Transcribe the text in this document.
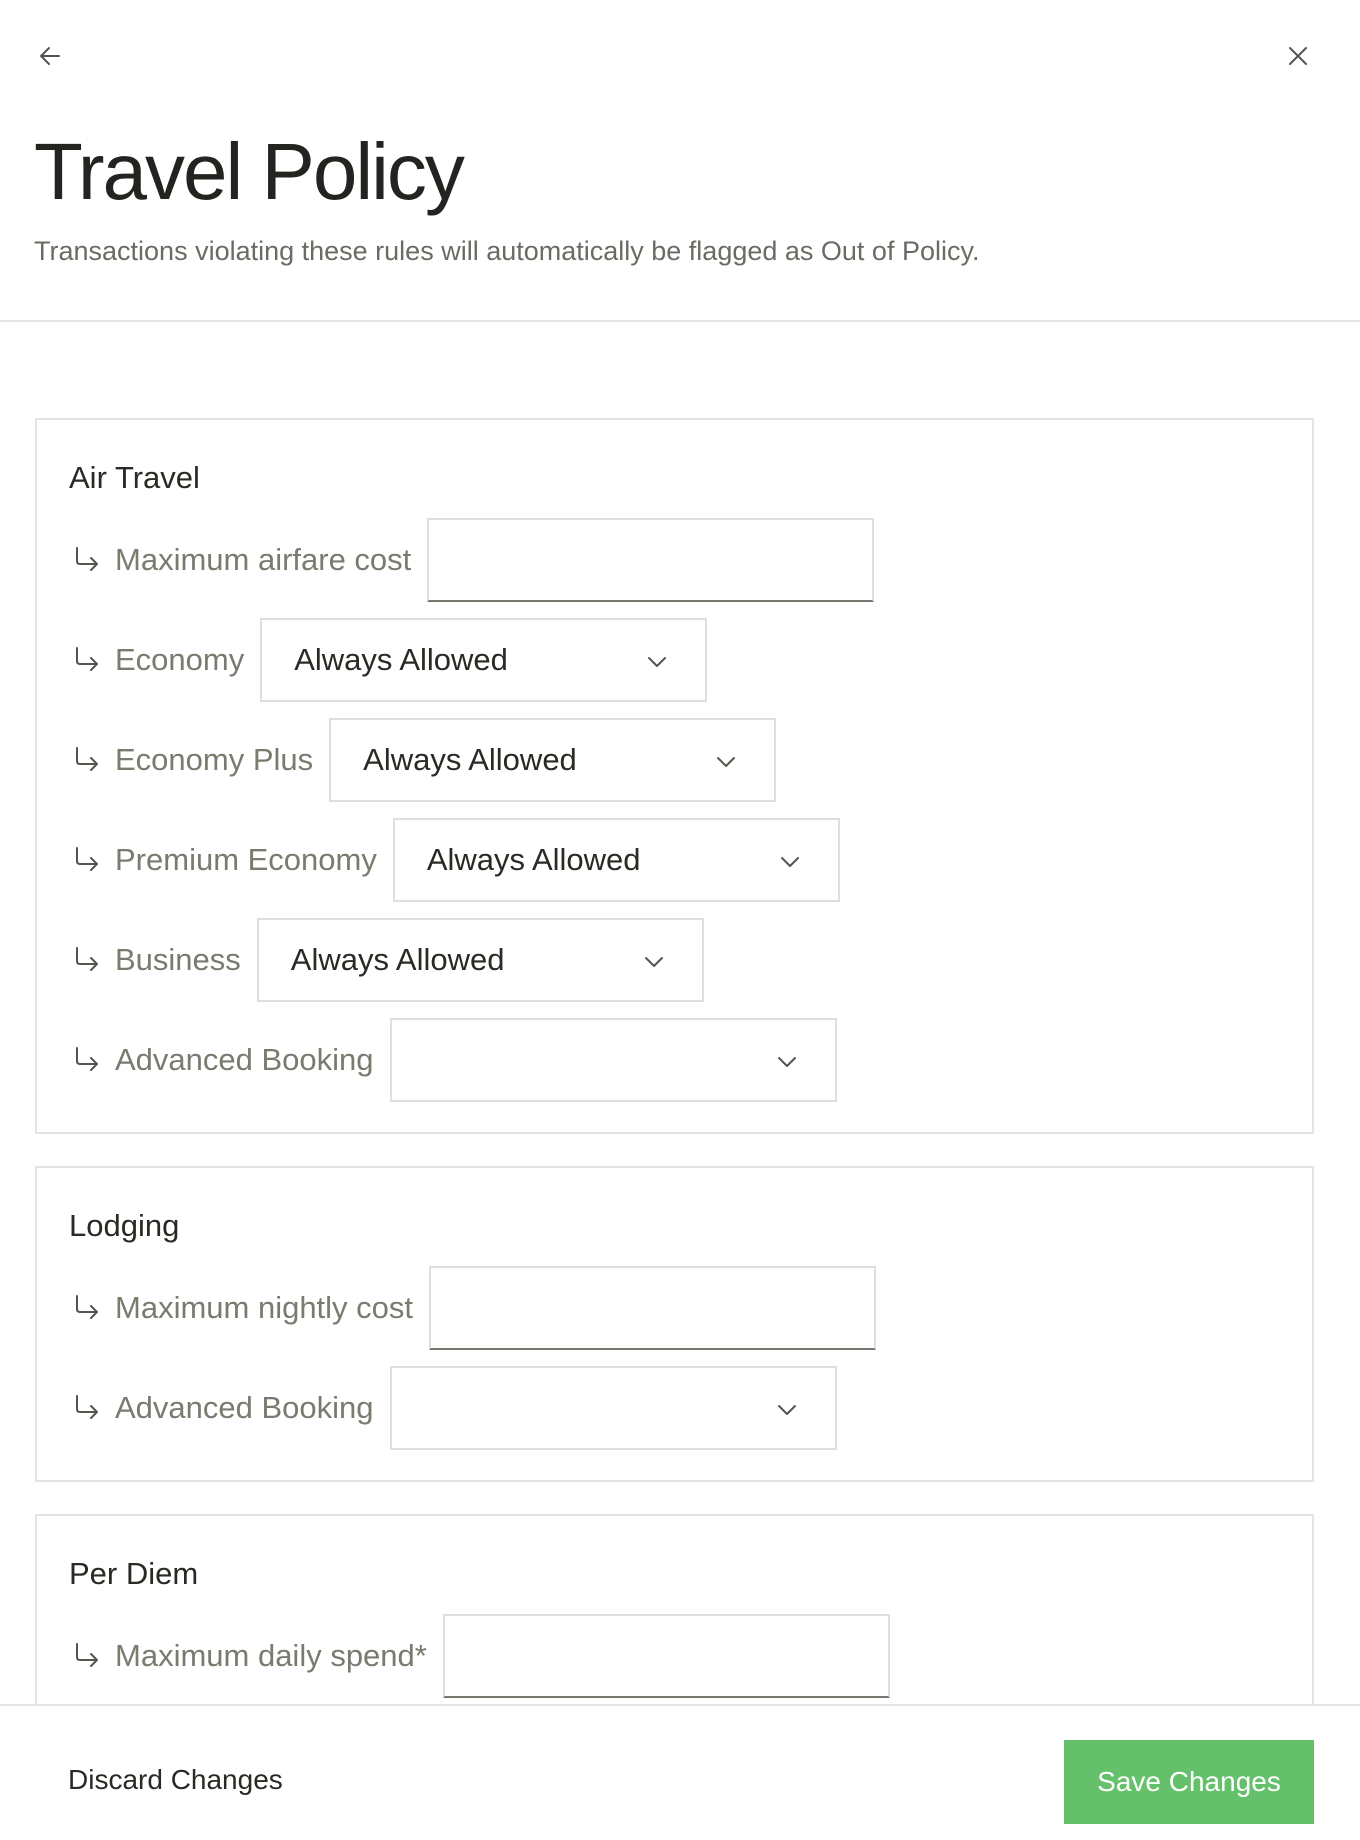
Travel Policy

Transactions violating these rules will automatically be flagged as Out of Policy.

Air Travel
Maximum airfare cost
Economy Always Allowed
Economy Plus Always Allowed
Premium Economy Always Allowed
Business Always Allowed
Advanced Booking
Lodging
Maximum nightly cost
Advanced Booking
Per Diem
Maximum daily spend*
Discard Changes	Save Changes
